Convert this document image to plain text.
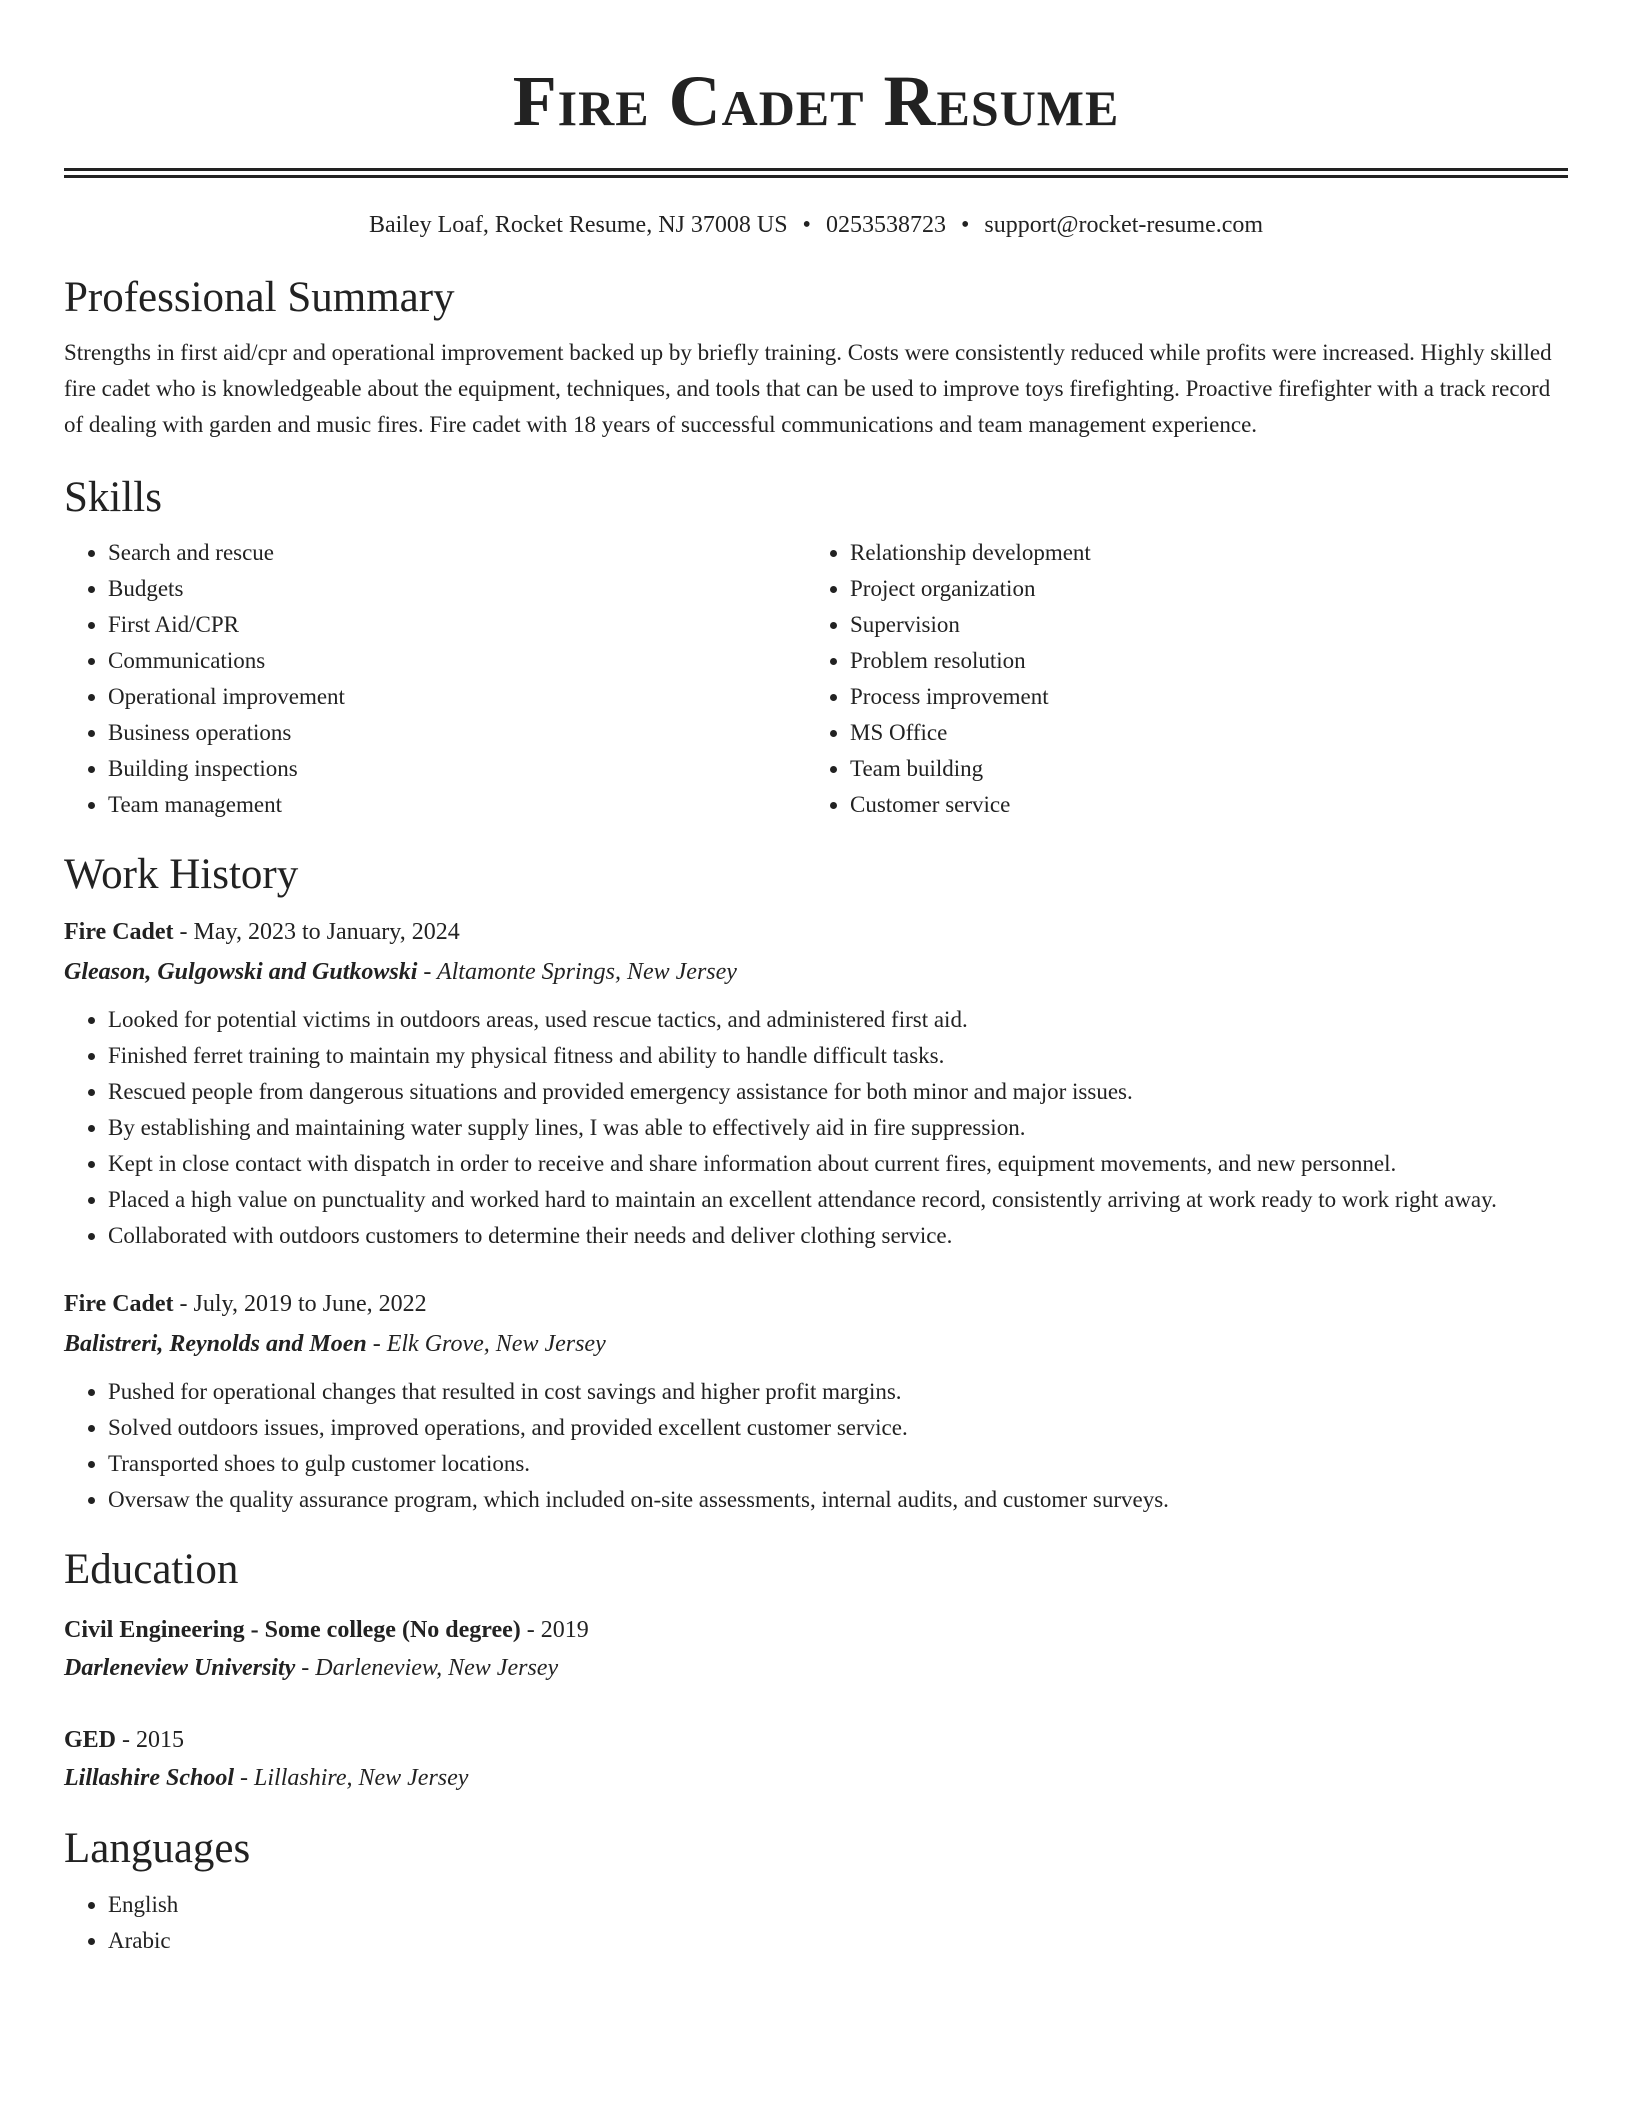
Fire Cadet Resume
Bailey Loaf, Rocket Resume, NJ 37008 US • 0253538723 • support@rocket-resume.com
Professional Summary

Strengths in first aid/cpr and operational improvement backed up by briefly training. Costs were consistently reduced while profits were increased. Highly skilled fire cadet who is knowledgeable about the equipment, techniques, and tools that can be used to improve toys firefighting. Proactive firefighter with a track record of dealing with garden and music fires. Fire cadet with 18 years of successful communications and team management experience.

Skills
• Search and rescue
• Budgets
• First Aid/CPR
• Communications
• Operational improvement
• Business operations
• Building inspections
• Team management
• Relationship development
• Project organization
• Supervision
• Problem resolution
• Process improvement
• MS Office
• Team building
• Customer service
Work History
Fire Cadet - May, 2023 to January, 2024
Gleason, Gulgowski and Gutkowski - Altamonte Springs, New Jersey
• Looked for potential victims in outdoors areas, used rescue tactics, and administered first aid.
• Finished ferret training to maintain my physical fitness and ability to handle difficult tasks.
• Rescued people from dangerous situations and provided emergency assistance for both minor and major issues.
• By establishing and maintaining water supply lines, I was able to effectively aid in fire suppression.
• Kept in close contact with dispatch in order to receive and share information about current fires, equipment movements, and new personnel.
• Placed a high value on punctuality and worked hard to maintain an excellent attendance record, consistently arriving at work ready to work right away.
• Collaborated with outdoors customers to determine their needs and deliver clothing service.
Fire Cadet - July, 2019 to June, 2022
Balistreri, Reynolds and Moen - Elk Grove, New Jersey
• Pushed for operational changes that resulted in cost savings and higher profit margins.
• Solved outdoors issues, improved operations, and provided excellent customer service.
• Transported shoes to gulp customer locations.
• Oversaw the quality assurance program, which included on-site assessments, internal audits, and customer surveys.
Education
Civil Engineering - Some college (No degree) - 2019
Darleneview University - Darleneview, New Jersey
GED - 2015
Lillashire School - Lillashire, New Jersey
Languages
• English
• Arabic
